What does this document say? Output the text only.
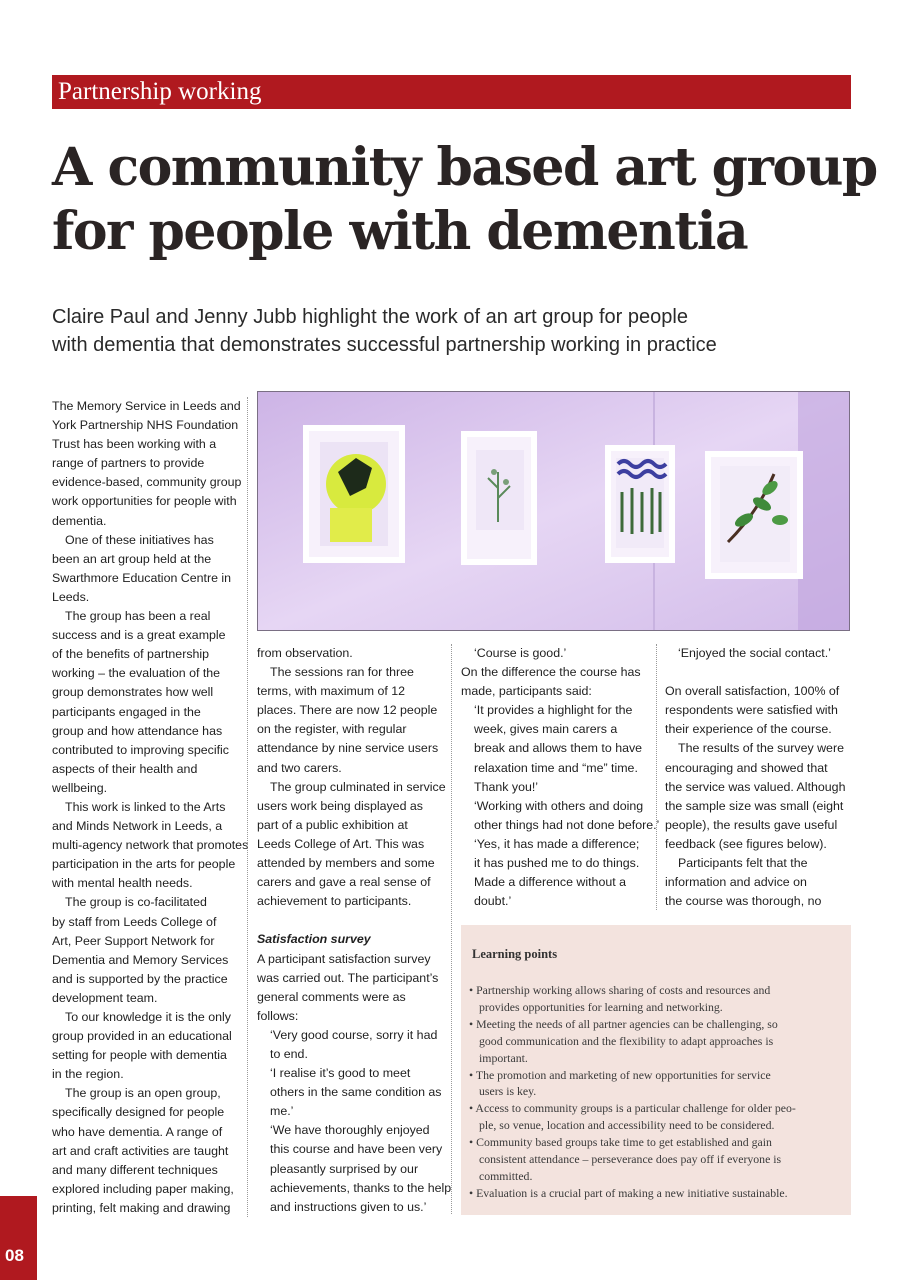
Partnership working
A community based art group
for people with dementia
Claire Paul and Jenny Jubb highlight the work of an art group for people
with dementia that demonstrates successful partnership working in practice
The Memory Service in Leeds and
York Partnership NHS Foundation
Trust has been working with a
range of partners to provide
evidence-based, community group
work opportunities for people with
dementia.
One of these initiatives has
been an art group held at the
Swarthmore Education Centre in
Leeds.
The group has been a real
success and is a great example
of the benefits of partnership
working – the evaluation of the
group demonstrates how well
participants engaged in the
group and how attendance has
contributed to improving specific
aspects of their health and
wellbeing.
This work is linked to the Arts
and Minds Network in Leeds, a
multi-agency network that promotes
participation in the arts for people
with mental health needs.
The group is co-facilitated
by staff from Leeds College of
Art, Peer Support Network for
Dementia and Memory Services
and is supported by the practice
development team.
To our knowledge it is the only
group provided in an educational
setting for people with dementia
in the region.
The group is an open group,
specifically designed for people
who have dementia. A range of
art and craft activities are taught
and many different techniques
explored including paper making,
printing, felt making and drawing
from observation.
The sessions ran for three
terms, with maximum of 12
places. There are now 12 people
on the register, with regular
attendance by nine service users
and two carers.
The group culminated in service
users work being displayed as
part of a public exhibition at
Leeds College of Art. This was
attended by members and some
carers and gave a real sense of
achievement to participants.
Satisfaction survey
A participant satisfaction survey
was carried out. The participant’s
general comments were as
follows:
‘Very good course, sorry it had
to end.
‘I realise it’s good to meet
others in the same condition as
me.’
‘We have thoroughly enjoyed
this course and have been very
pleasantly surprised by our
achievements, thanks to the help
and instructions given to us.’
‘Course is good.’
On the difference the course has
made, participants said:
‘It provides a highlight for the
week, gives main carers a
break and allows them to have
relaxation time and “me” time.
Thank you!’
‘Working with others and doing
other things had not done before.’
‘Yes, it has made a difference;
it has pushed me to do things.
Made a difference without a
doubt.’
‘Enjoyed the social contact.’
On overall satisfaction, 100% of
respondents were satisfied with
their experience of the course.
The results of the survey were
encouraging and showed that
the service was valued. Although
the sample size was small (eight
people), the results gave useful
feedback (see figures below).
Participants felt that the
information and advice on
the course was thorough, no
Learning points
• Partnership working allows sharing of costs and resources and
provides opportunities for learning and networking.
• Meeting the needs of all partner agencies can be challenging, so
good communication and the flexibility to adapt approaches is
important.
• The promotion and marketing of new opportunities for service
users is key.
• Access to community groups is a particular challenge for older peo-
ple, so venue, location and accessibility need to be considered.
• Community based groups take time to get established and gain
consistent attendance – perseverance does pay off if everyone is
committed.
• Evaluation is a crucial part of making a new initiative sustainable.
08
